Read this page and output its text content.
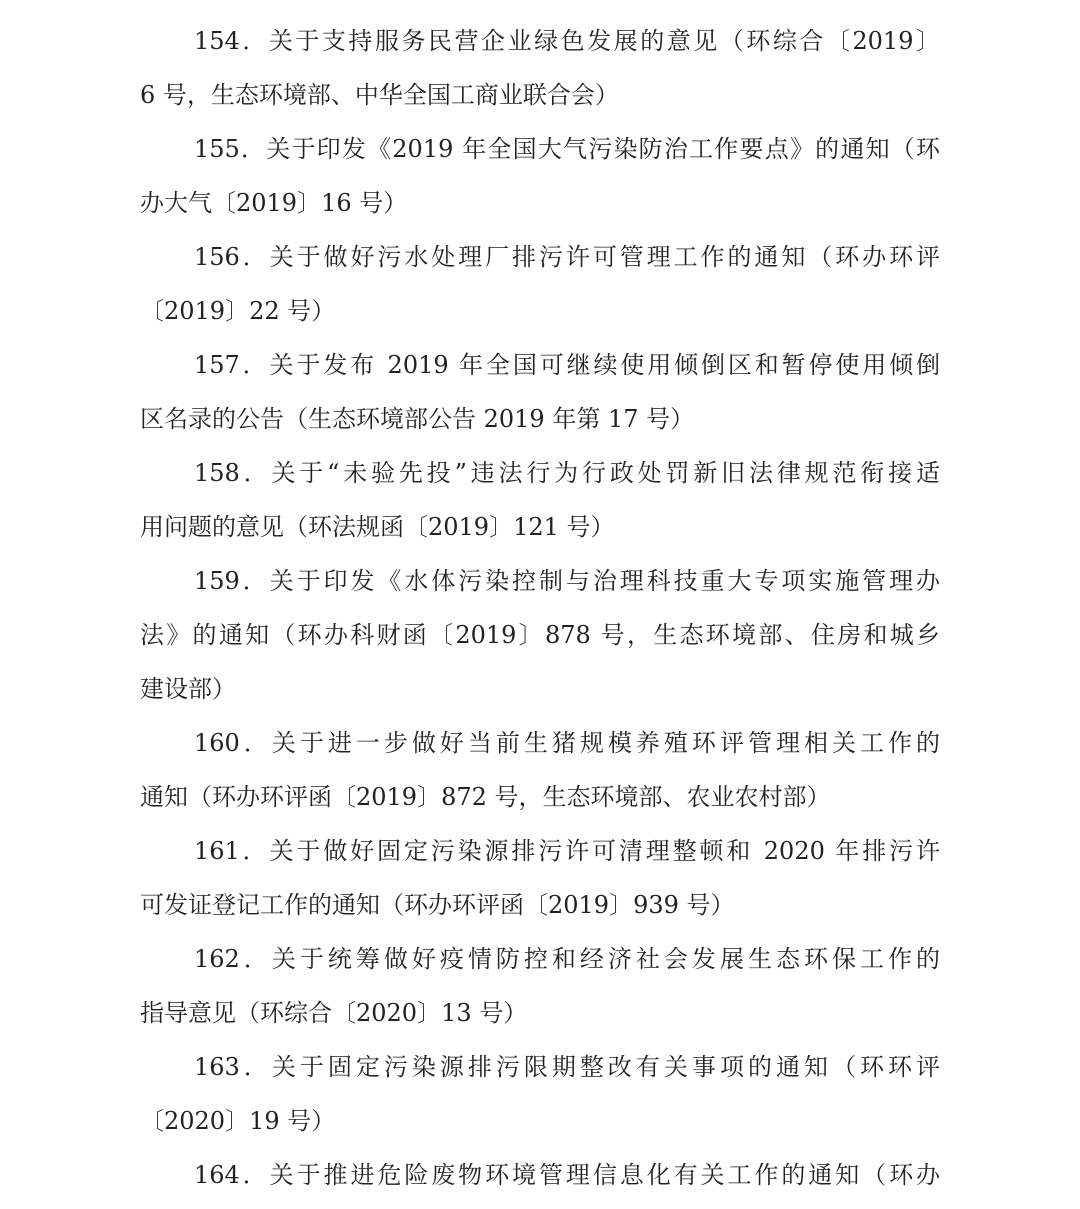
154．关于支持服务民营企业绿色发展的意见（环综合〔2019〕
6 号，生态环境部、中华全国工商业联合会）
155．关于印发《2019 年全国大气污染防治工作要点》的通知（环
办大气〔2019〕16 号）
156．关于做好污水处理厂排污许可管理工作的通知（环办环评
〔2019〕22 号）
157．关于发布 2019 年全国可继续使用倾倒区和暂停使用倾倒
区名录的公告（生态环境部公告 2019 年第 17 号）
158．关于“未验先投”违法行为行政处罚新旧法律规范衔接适
用问题的意见（环法规函〔2019〕121 号）
159．关于印发《水体污染控制与治理科技重大专项实施管理办
法》的通知（环办科财函〔2019〕878 号，生态环境部、住房和城乡
建设部）
160．关于进一步做好当前生猪规模养殖环评管理相关工作的
通知（环办环评函〔2019〕872 号，生态环境部、农业农村部）
161．关于做好固定污染源排污许可清理整顿和 2020 年排污许
可发证登记工作的通知（环办环评函〔2019〕939 号）
162．关于统筹做好疫情防控和经济社会发展生态环保工作的
指导意见（环综合〔2020〕13 号）
163．关于固定污染源排污限期整改有关事项的通知（环环评
〔2020〕19 号）
164．关于推进危险废物环境管理信息化有关工作的通知（环办
